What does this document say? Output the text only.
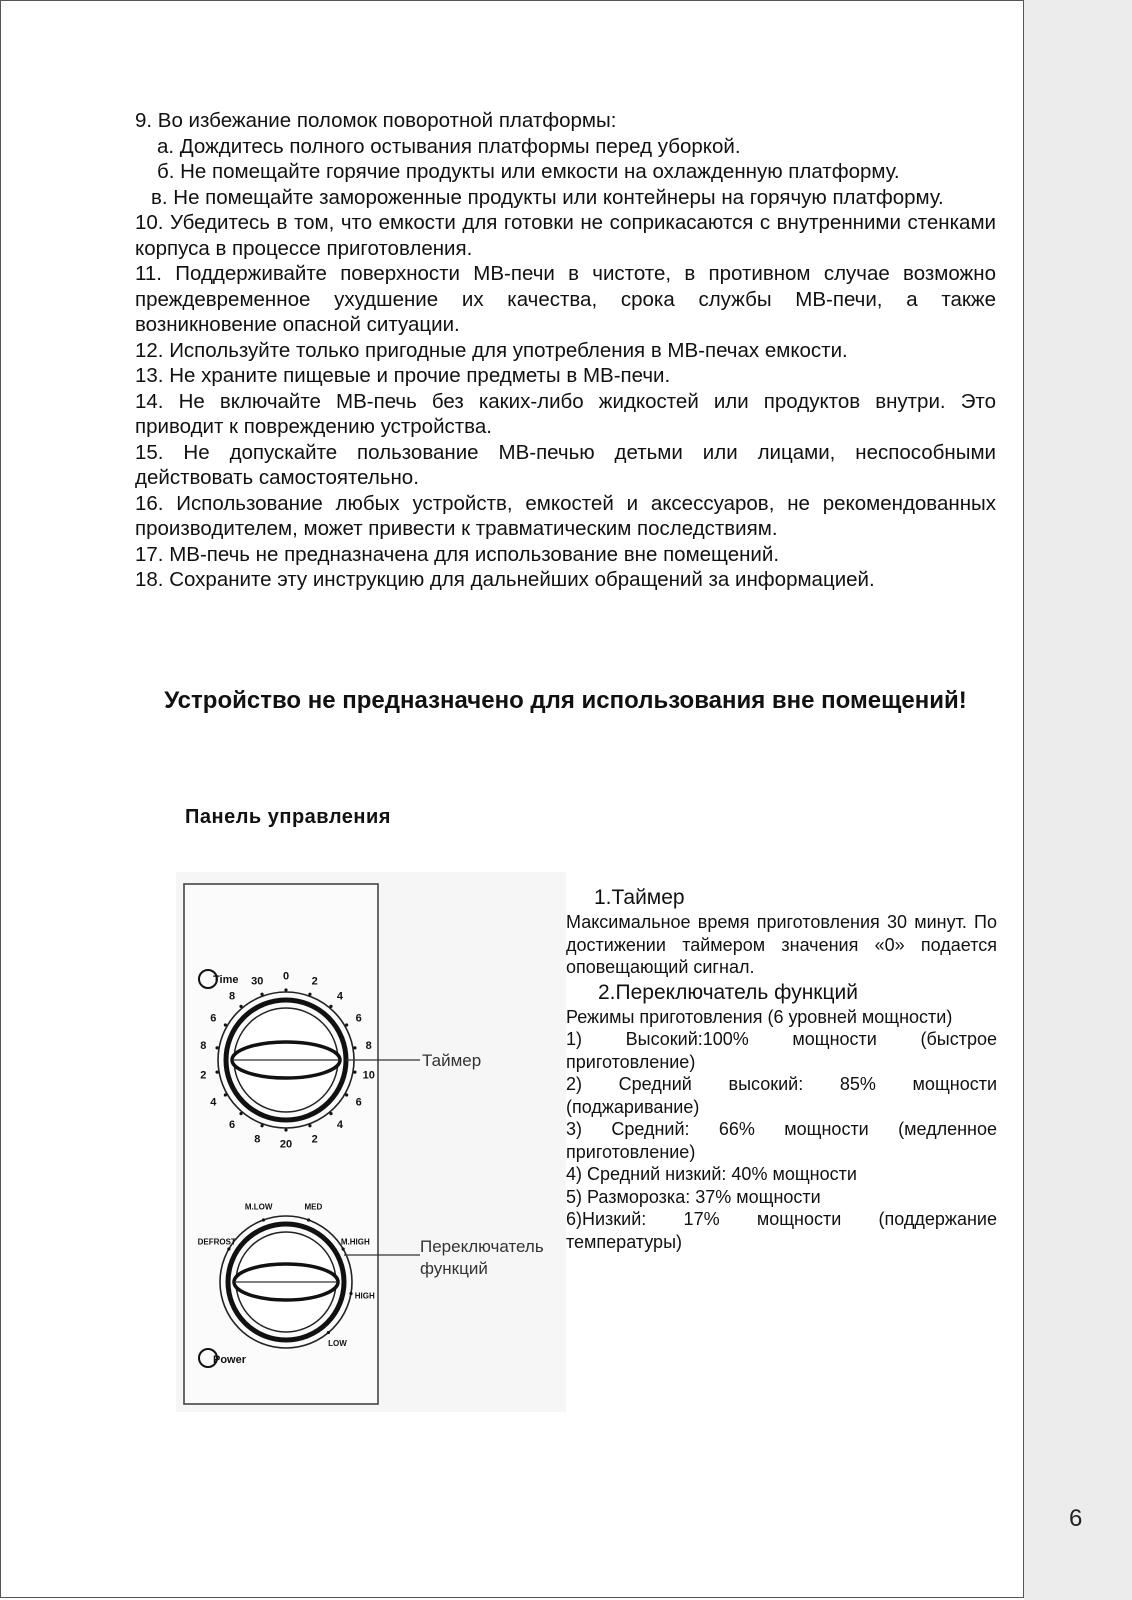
6

9. Во избежание поломок поворотной платформы:

а. Дождитесь полного остывания платформы перед уборкой.

б. Не помещайте горячие продукты или емкости на охлажденную платформу.

в. Не помещайте замороженные продукты или контейнеры на горячую платформу.

10. Убедитесь в том, что емкости для готовки не соприкасаются с внутренними стенками корпуса в процессе приготовления.

11. Поддерживайте поверхности МВ-печи в чистоте, в противном случае возможно преждевременное ухудшение их качества, срока службы МВ-печи, а также возникновение опасной ситуации.

12. Используйте только пригодные для употребления в МВ-печах емкости.

13. Не храните пищевые и прочие предметы в МВ-печи.

14. Не включайте МВ-печь без каких-либо жидкостей или продуктов внутри. Это приводит к повреждению устройства.

15. Не допускайте пользование МВ-печью детьми или лицами, неспособными действовать самостоятельно.

16. Использование любых устройств, емкостей и аксессуаров, не рекомендованных производителем, может привести к травматическим последствиям.

17. МВ-печь не предназначена для использование вне помещений.

18. Сохраните эту инструкцию для дальнейших обращений за информацией.

Устройство не предназначено для использования вне помещений!
Панель управления
0 2
4
6
8
10
6
4
2
20
8
6
4
2
8
6
8
30
DEFROST
M.LOW	MED
M.HIGH
HIGH
LOW
Time
Power
Таймер
Переключатель
функций

1.Таймер

Максимальное время приготовления 30 минут. По достижении таймером значения «0» подается оповещающий сигнал.

2.Переключатель функций

Режимы приготовления (6 уровней мощности)

1) Высокий:100% мощности (быстрое приготовление)

2) Средний высокий: 85% мощности (поджаривание)

3) Средний: 66% мощности (медленное приготовление)

4) Средний низкий: 40% мощности

5) Разморозка: 37% мощности

6)Низкий: 17% мощности (поддержание температуры)
